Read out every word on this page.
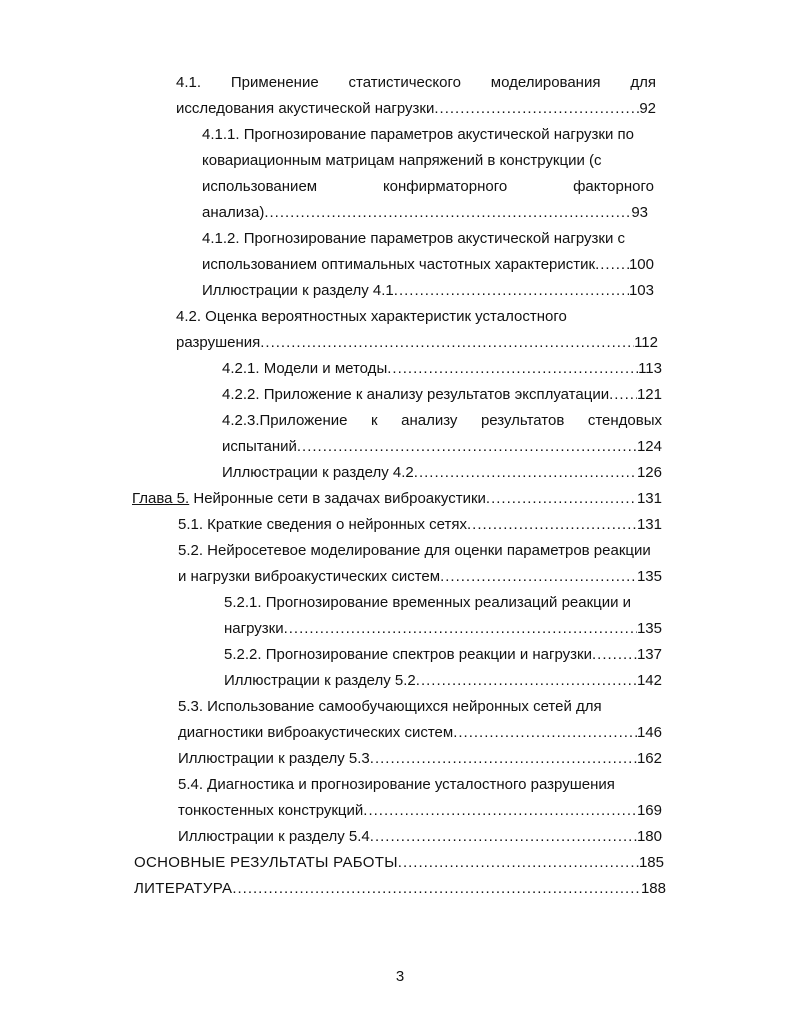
4.1. Применение статистического моделирования для
исследования акустической нагрузки .....	92
4.1.1. Прогнозирование параметров акустической нагрузки по
ковариационным матрицам напряжений в конструкции (с
использованием	конфирматорного	факторного
анализа) .....	93
4.1.2. Прогнозирование параметров акустической нагрузки с
использованием оптимальных частотных характеристик ..... 100
Иллюстрации к разделу 4.1 .....	103
4.2. Оценка вероятностных характеристик усталостного
разрушения .....	112
4.2.1. Модели и методы .....	113
4.2.2. Приложение к анализу результатов эксплуатации ..... 121
4.2.3.Приложение к анализу результатов стендовых
испытаний .....	124
Иллюстрации к разделу 4.2 .....	126
Глава 5. Нейронные сети в задачах виброакустики .....	131
5.1. Краткие сведения о нейронных сетях .....	131
5.2. Нейросетевое моделирование для оценки параметров реакции
и нагрузки виброакустических систем .....	135
5.2.1. Прогнозирование временных реализаций реакции и
нагрузки .....	135
5.2.2. Прогнозирование спектров реакции и нагрузки .....	137
Иллюстрации к разделу 5.2 .....	142
5.3. Использование самообучающихся нейронных сетей для
диагностики виброакустических систем .....	146
Иллюстрации к разделу 5.3 .....	162
5.4. Диагностика и прогнозирование усталостного разрушения
тонкостенных конструкций .....	169
Иллюстрации к разделу 5.4 .....	180
ОСНОВНЫЕ РЕЗУЛЬТАТЫ РАБОТЫ .....	185
ЛИТЕРАТУРА .....	188
3
